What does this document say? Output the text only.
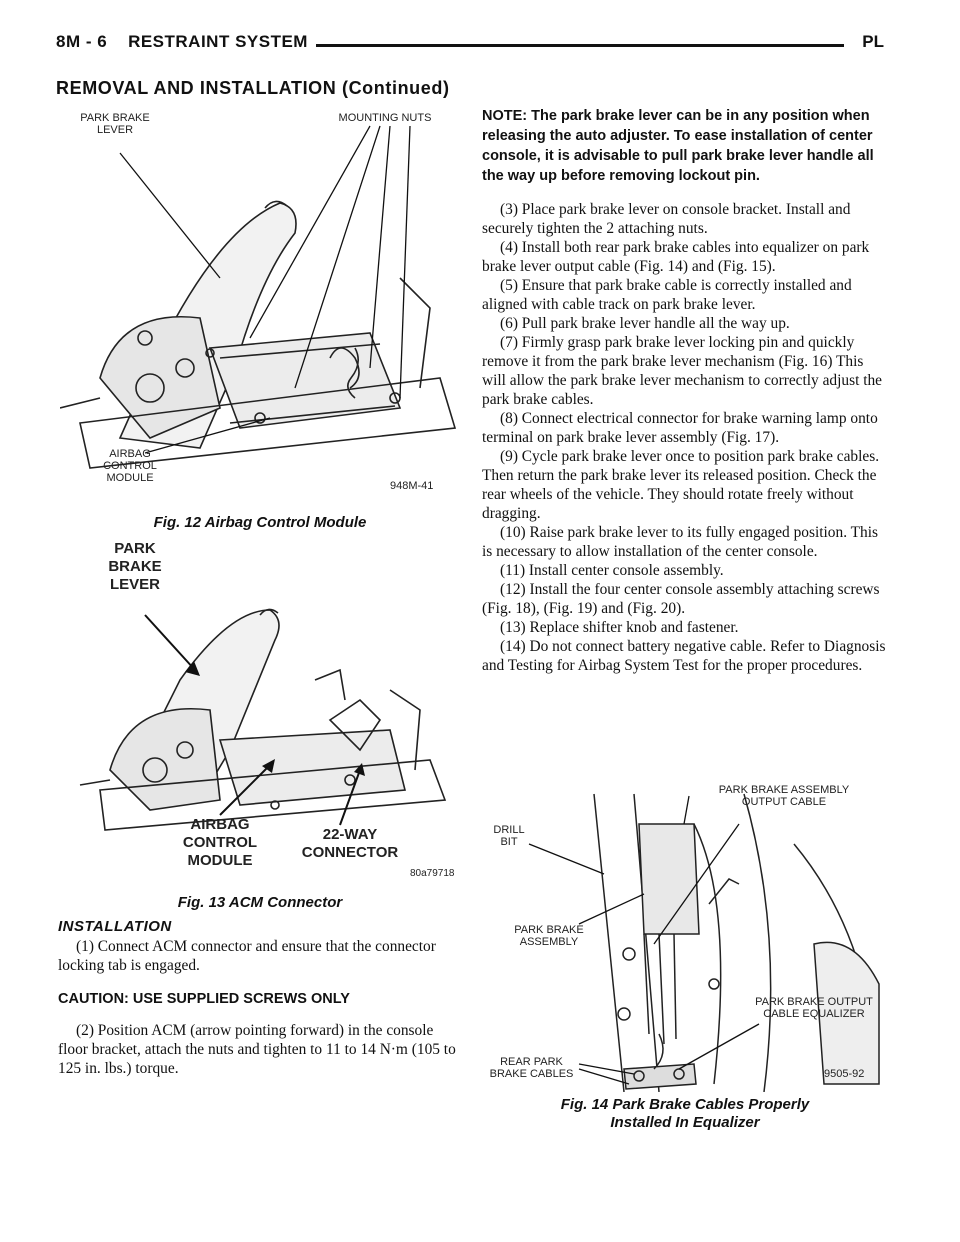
8M - 6    RESTRAINT SYSTEM	PL
REMOVAL AND INSTALLATION (Continued)
PARK BRAKE
LEVER
MOUNTING NUTS
AIRBAG
CONTROL
MODULE
948M-41
Fig. 12 Airbag Control Module
PARK
BRAKE
LEVER
AIRBAG
CONTROL
MODULE
22-WAY
CONNECTOR
80a79718
Fig. 13 ACM Connector
INSTALLATION

(1) Connect ACM connector and ensure that the connector locking tab is engaged.

CAUTION: USE SUPPLIED SCREWS ONLY

(2) Position ACM (arrow pointing forward) in the console floor bracket, attach the nuts and tighten to 11 to 14 N·m (105 to 125 in. lbs.) torque.

NOTE: The park brake lever can be in any position when releasing the auto adjuster. To ease installation of center console, it is advisable to pull park brake lever handle all the way up before removing lockout pin.

(3) Place park brake lever on console bracket. Install and securely tighten the 2 attaching nuts.

(4) Install both rear park brake cables into equalizer on park brake lever output cable (Fig. 14) and (Fig. 15).

(5) Ensure that park brake cable is correctly installed and aligned with cable track on park brake lever.

(6) Pull park brake lever handle all the way up.

(7) Firmly grasp park brake lever locking pin and quickly remove it from the park brake lever mechanism (Fig. 16) This will allow the park brake lever mechanism to correctly adjust the park brake cables.

(8) Connect electrical connector for brake warning lamp onto terminal on park brake lever assembly (Fig. 17).

(9) Cycle park brake lever once to position park brake cables. Then return the park brake lever its released position. Check the rear wheels of the vehicle. They should rotate freely without dragging.

(10) Raise park brake lever to its fully engaged position. This is necessary to allow installation of the center console.

(11) Install center console assembly.

(12) Install the four center console assembly attaching screws (Fig. 18), (Fig. 19) and (Fig. 20).

(13) Replace shifter knob and fastener.

(14) Do not connect battery negative cable. Refer to Diagnosis and Testing for Airbag System Test for the proper procedures.

DRILL
BIT
PARK BRAKE ASSEMBLY
OUTPUT CABLE
PARK BRAKE
ASSEMBLY
PARK BRAKE OUTPUT
CABLE EQUALIZER
REAR PARK
BRAKE CABLES	9505-92
Fig. 14 Park Brake Cables Properly Installed In Equalizer
